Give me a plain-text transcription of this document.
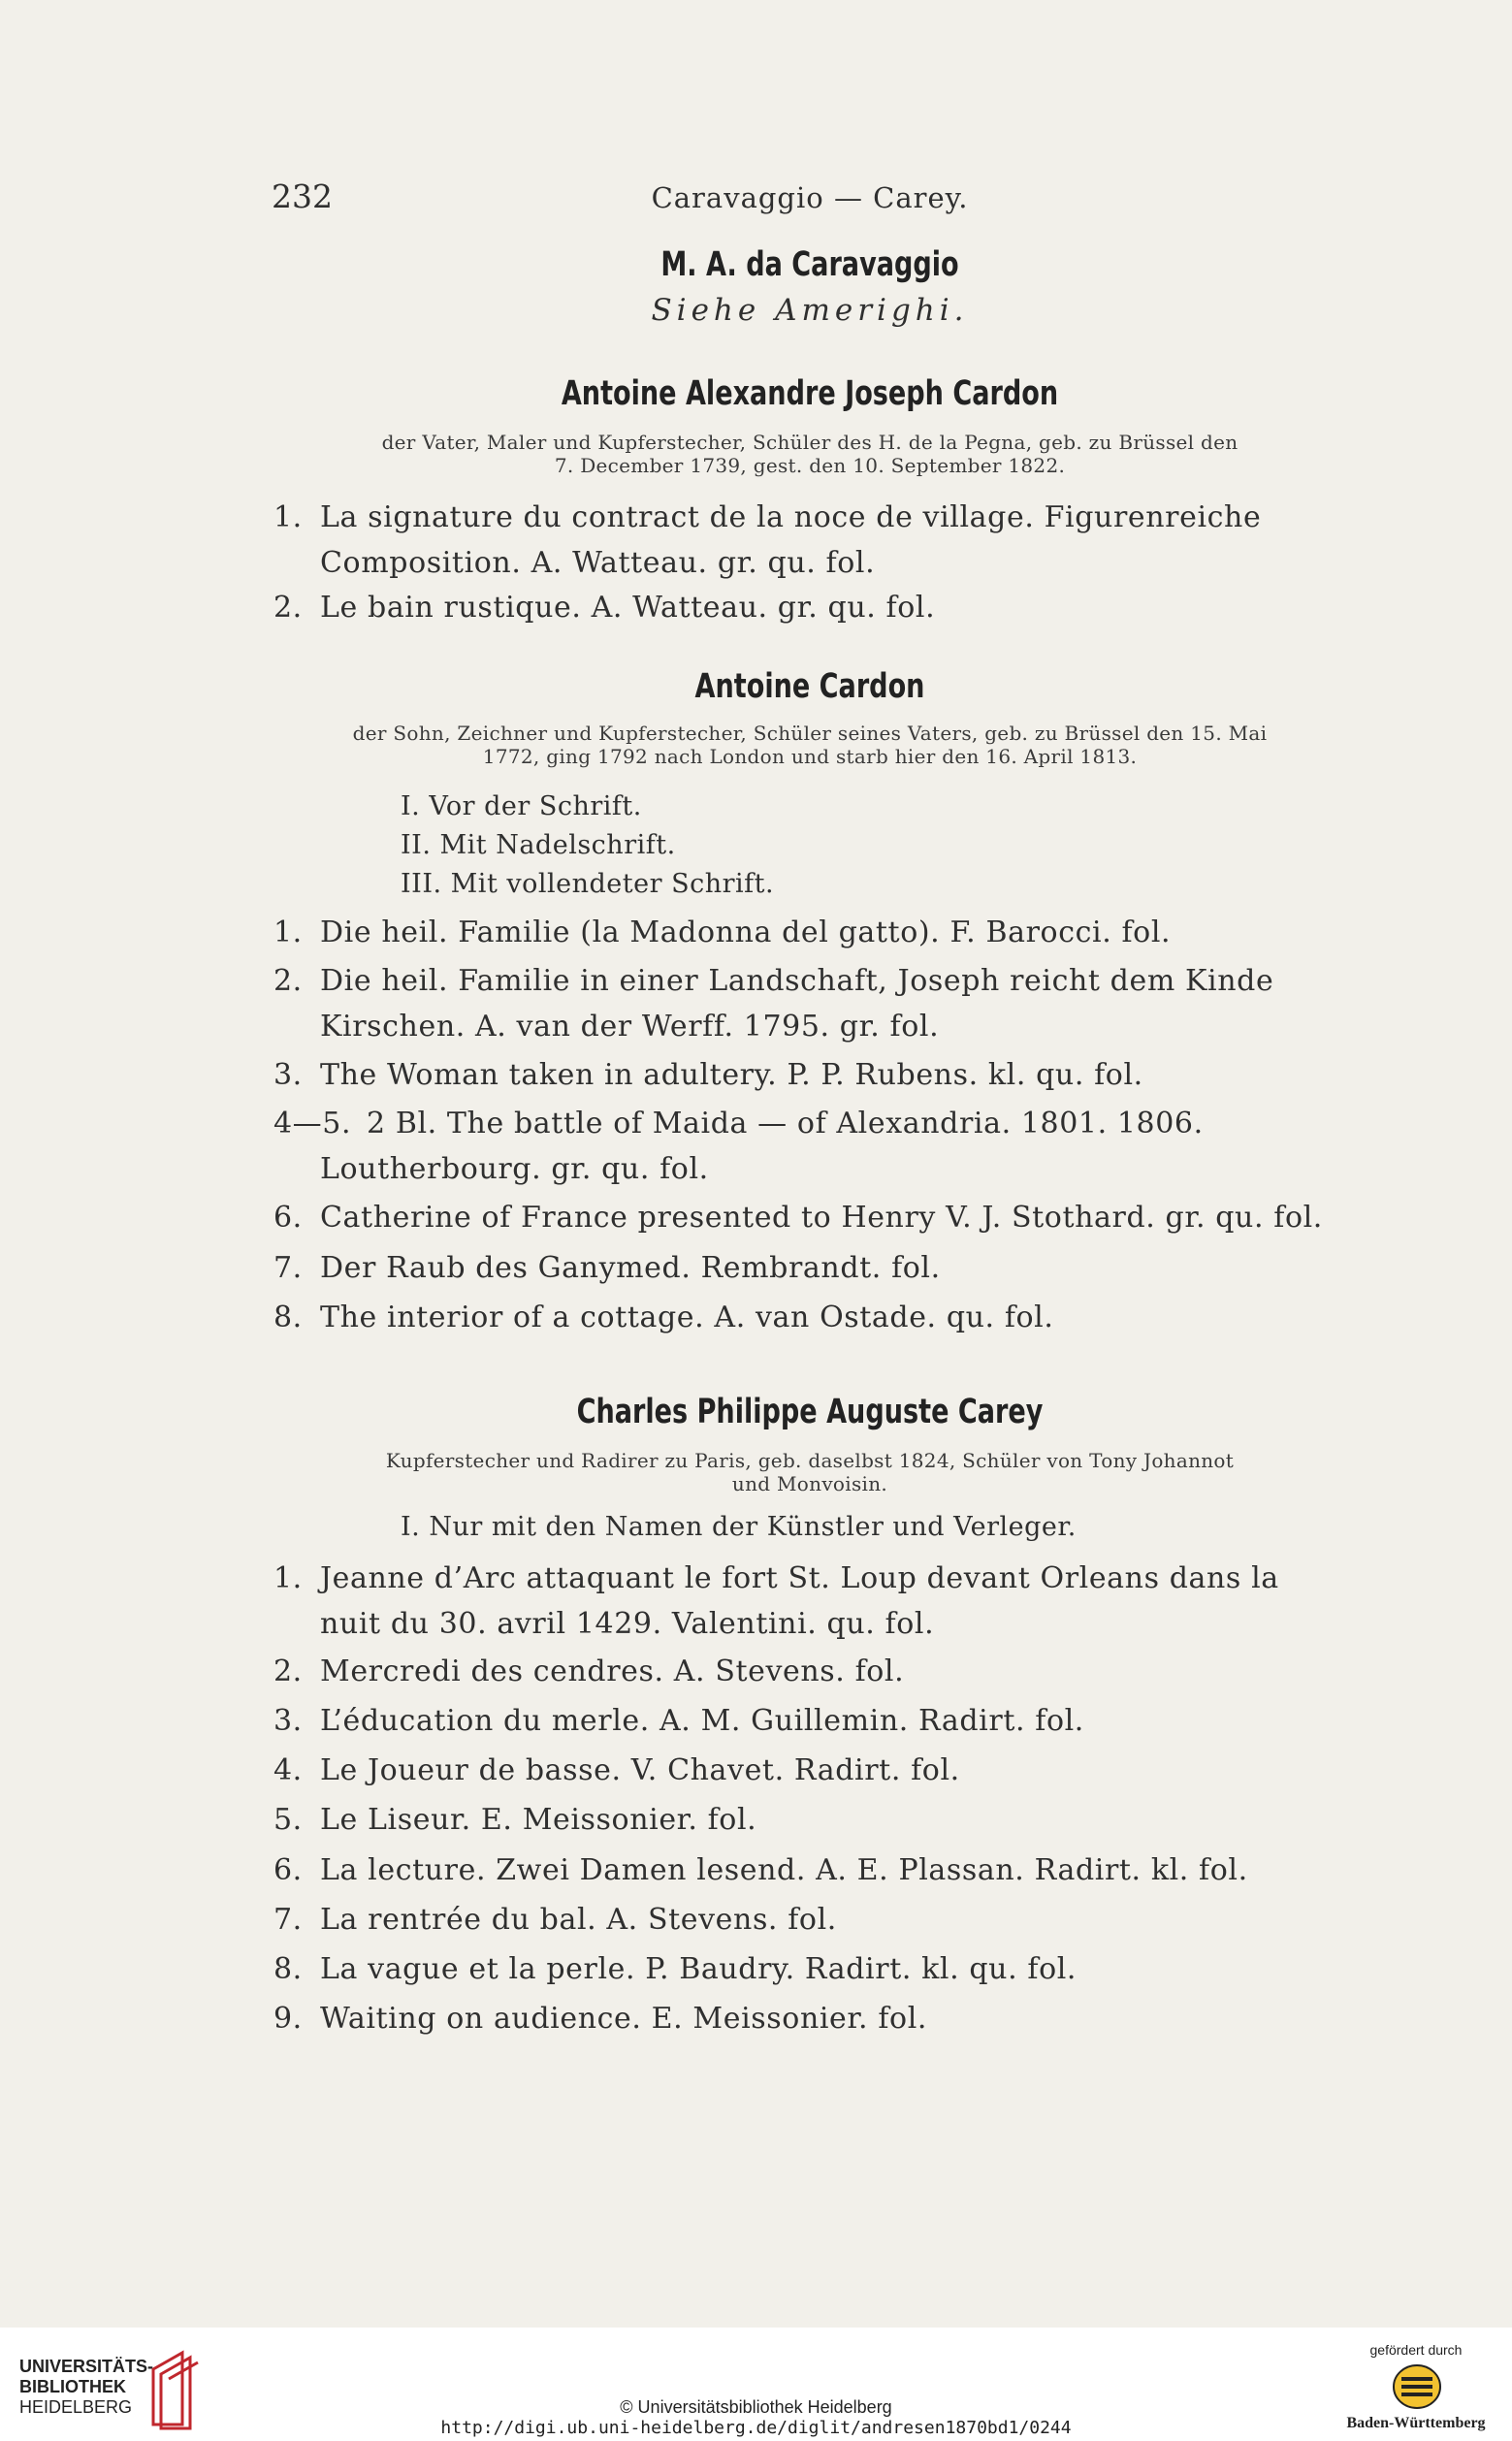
232	Caravaggio — Carey.
M. A. da Caravaggio
Siehe Amerighi.
Antoine Alexandre Joseph Cardon
der Vater, Maler und Kupferstecher, Schüler des H. de la Pegna, geb. zu Brüssel den
7. December 1739, gest. den 10. September 1822.
1. La signature du contract de la noce de village. Figurenreiche
Composition. A. Watteau. gr. qu. fol.
2. Le bain rustique. A. Watteau. gr. qu. fol.
Antoine Cardon
der Sohn, Zeichner und Kupferstecher, Schüler seines Vaters, geb. zu Brüssel den 15. Mai
1772, ging 1792 nach London und starb hier den 16. April 1813.
I. Vor der Schrift.
II. Mit Nadelschrift.
III. Mit vollendeter Schrift.
1. Die heil. Familie (la Madonna del gatto). F. Barocci. fol.
2. Die heil. Familie in einer Landschaft, Joseph reicht dem Kinde
Kirschen. A. van der Werff. 1795. gr. fol.
3. The Woman taken in adultery. P. P. Rubens. kl. qu. fol.
4—5. 2 Bl. The battle of Maida — of Alexandria. 1801. 1806.
Loutherbourg. gr. qu. fol.
6. Catherine of France presented to Henry V. J. Stothard. gr. qu. fol.
7. Der Raub des Ganymed. Rembrandt. fol.
8. The interior of a cottage. A. van Ostade. qu. fol.
Charles Philippe Auguste Carey
Kupferstecher und Radirer zu Paris, geb. daselbst 1824, Schüler von Tony Johannot
und Monvoisin.
I. Nur mit den Namen der Künstler und Verleger.
1. Jeanne d’Arc attaquant le fort St. Loup devant Orleans dans la
nuit du 30. avril 1429. Valentini. qu. fol.
2. Mercredi des cendres. A. Stevens. fol.
3. L’éducation du merle. A. M. Guillemin. Radirt. fol.
4. Le Joueur de basse. V. Chavet. Radirt. fol.
5. Le Liseur. E. Meissonier. fol.
6. La lecture. Zwei Damen lesend. A. E. Plassan. Radirt. kl. fol.
7. La rentrée du bal. A. Stevens. fol.
8. La vague et la perle. P. Baudry. Radirt. kl. qu. fol.
9. Waiting on audience. E. Meissonier. fol.
UNIVERSITÄTS-
BIBLIOTHEK
HEIDELBERG	© Universitätsbibliothek Heidelberg
http://digi.ub.uni-heidelberg.de/diglit/andresen1870bd1/0244
gefördert durch
Baden-Württemberg
